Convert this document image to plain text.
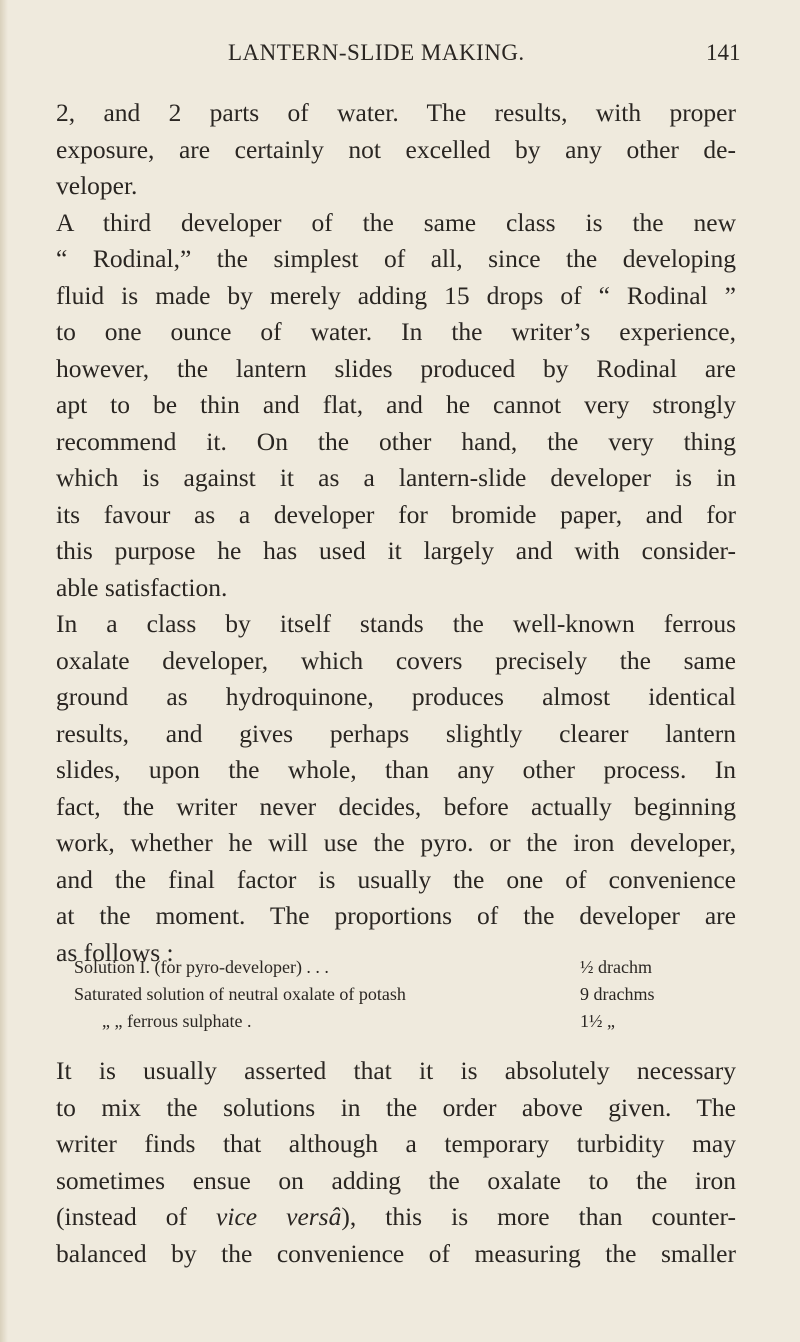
LANTERN-SLIDE MAKING.	141
2, and 2 parts of water. The results, with proper
exposure, are certainly not excelled by any other de-
veloper.
A third developer of the same class is the new
“ Rodinal,” the simplest of all, since the developing
fluid is made by merely adding 15 drops of “ Rodinal ”
to one ounce of water. In the writer’s experience,
however, the lantern slides produced by Rodinal are
apt to be thin and flat, and he cannot very strongly
recommend it. On the other hand, the very thing
which is against it as a lantern-slide developer is in
its favour as a developer for bromide paper, and for
this purpose he has used it largely and with consider-
able satisfaction.
In a class by itself stands the well-known ferrous
oxalate developer, which covers precisely the same
ground as hydroquinone, produces almost identical
results, and gives perhaps slightly clearer lantern
slides, upon the whole, than any other process. In
fact, the writer never decides, before actually beginning
work, whether he will use the pyro. or the iron developer,
and the final factor is usually the one of convenience
at the moment. The proportions of the developer are
as follows :
Solution I. (for pyro-developer) . . .	½ drachm
Saturated solution of neutral oxalate of potash	9 drachms
„ „ ferrous sulphate .	1½ „
It is usually asserted that it is absolutely necessary
to mix the solutions in the order above given. The
writer finds that although a temporary turbidity may
sometimes ensue on adding the oxalate to the iron
(instead of vice versâ), this is more than counter-
balanced by the convenience of measuring the smaller
